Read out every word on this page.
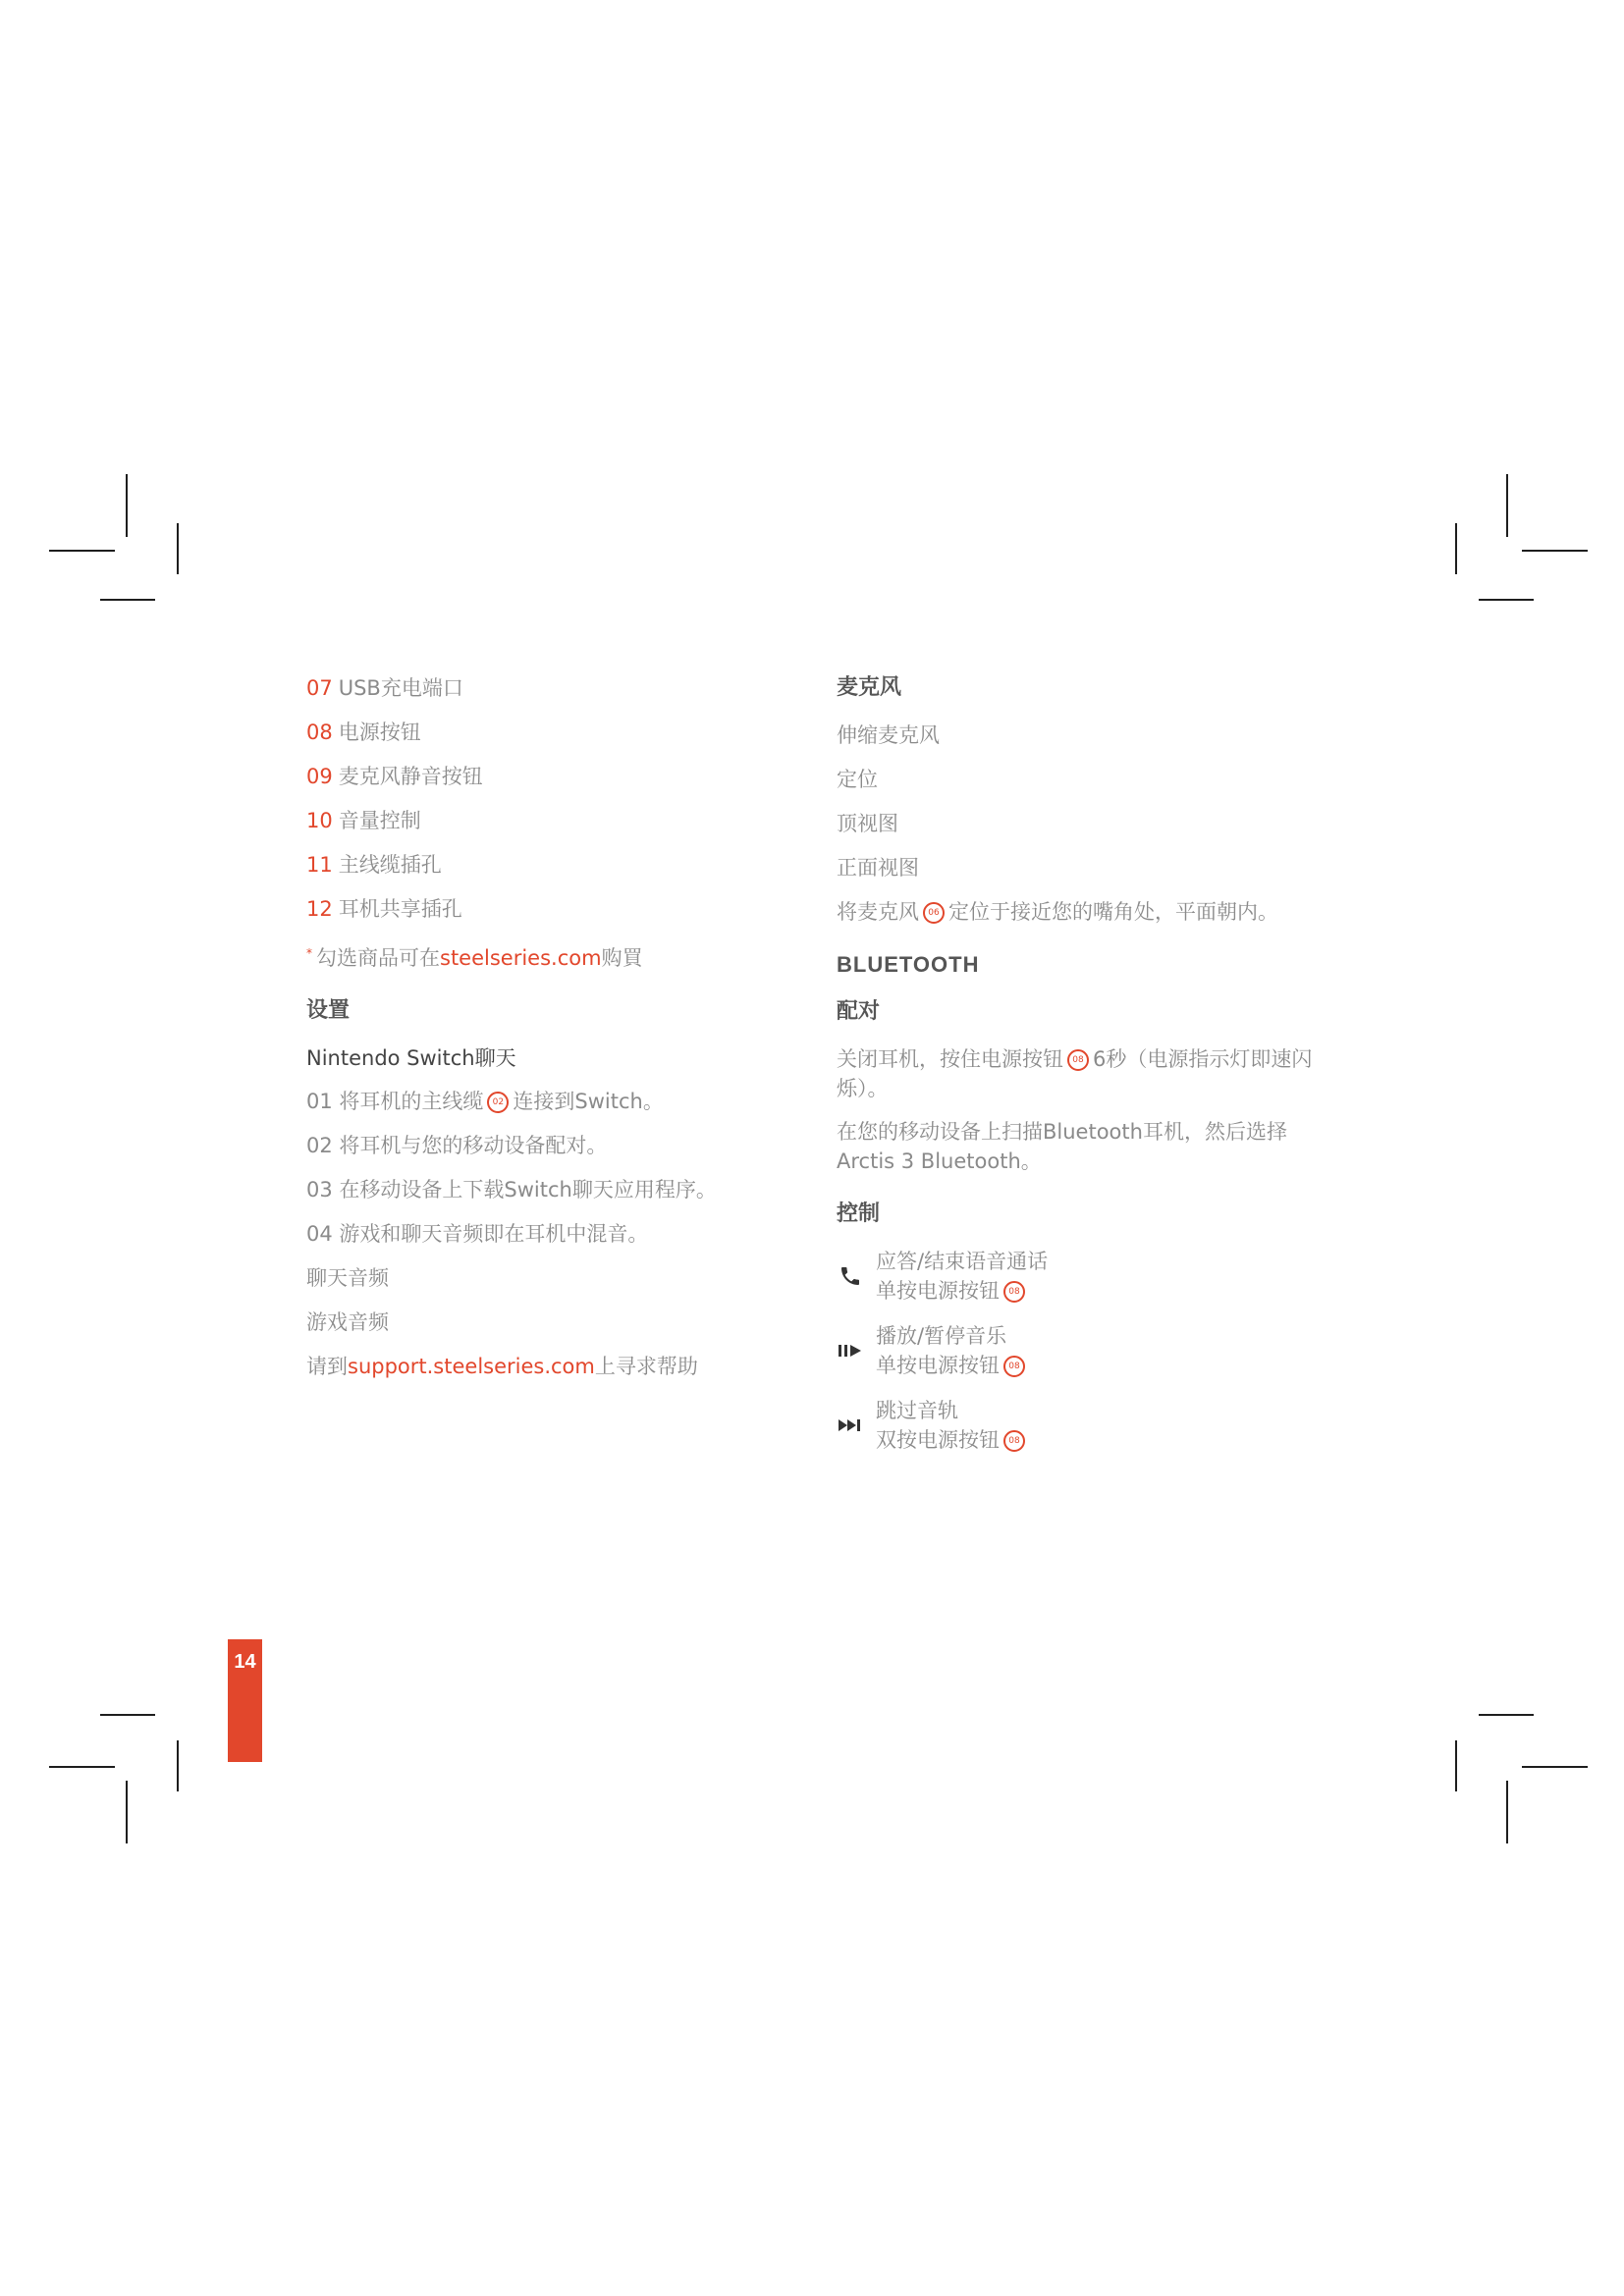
07 USB充电端口
08 电源按钮
09 麦克风静音按钮
10 音量控制
11 主线缆插孔
12 耳机共享插孔
* 勾选商品可在steelseries.com购買
设置
Nintendo Switch聊天
01 将耳机的主线缆 02 连接到Switch。
02 将耳机与您的移动设备配对。
03 在移动设备上下载Switch聊天应用程序。
04 游戏和聊天音频即在耳机中混音。
聊天音频
游戏音频
请到support.steelseries.com上寻求帮助
麦克风
伸缩麦克风
定位
顶视图
正面视图
将麦克风 06 定位于接近您的嘴角处，平面朝内。
BLUETOOTH
配对
关闭耳机，按住电源按钮 08 6秒（电源指示灯即速闪烁）。
在您的移动设备上扫描Bluetooth耳机，然后选择Arctis 3 Bluetooth。
控制
应答/结束语音通话
单按电源按钮 08
播放/暂停音乐
单按电源按钮 08
跳过音轨
双按电源按钮 08
14
